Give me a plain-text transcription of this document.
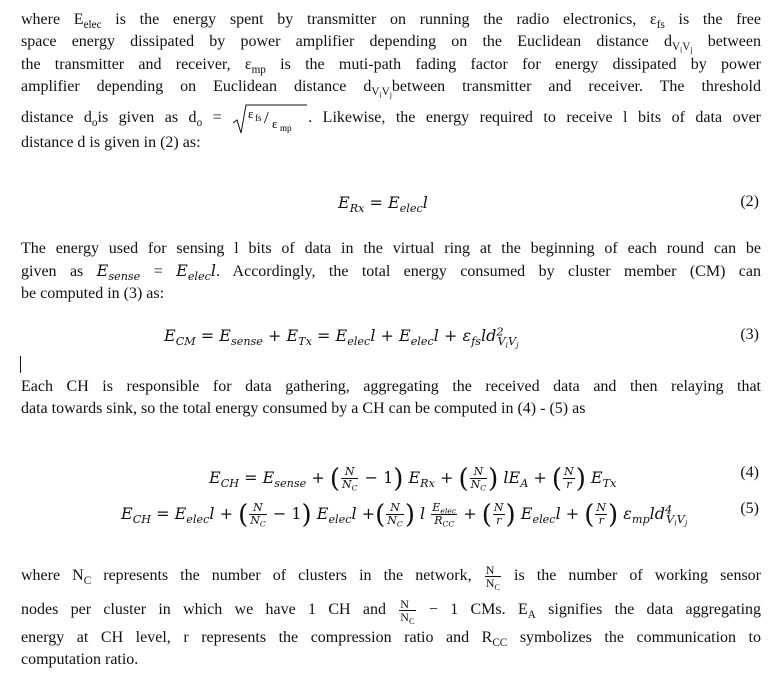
where $E_{elec}$ is the energy spent by transmitter on running the radio electronics, $\varepsilon_{fs}$ is the free
space energy dissipated by power amplifier depending on the Euclidean distance $d_{V_iV_j}$ between
the transmitter and receiver, $\varepsilon_{mp}$ is the muti-path fading factor for energy dissipated by power
amplifier depending on Euclidean distance $d_{V_iV_j}between$ transmitter and receiver. The threshold
distance $d_ois$ given as $d_o = \varepsilon$ fs / ε mp
. Likewise, the energy required to receive l bits of data over
distance d is given in (2) as:
$E_{Rx} = E_{elec}l$	(2)
The energy used for sensing l bits of data in the virtual ring at the beginning of each round can be
given as $E_{sense} = E_{elec}l$. Accordingly, the total energy consumed by cluster member (CM) can
be computed in (3) as:
$E_{CM} = E_{sense} + E_{Tx} = E_{elec}l + E_{elec}l + \varepsilon_{fs}ld^2_{V_iV_j}$
(3)
Each CH is responsible for data gathering, aggregating the received data and then relaying that
data towards sink, so the total energy consumed by a CH can be computed in (4) - (5) as
$E_{CH} = E_{sense}$ + ( $\frac{N}{N_C} - 1$) $E_{Rx}$ + ( $\frac{N}{N_C}$ ) $lE_A$ + ( $\frac{N}{r}$ ) $E_{Tx}$
(4)
$E_{CH} = E_{elec}l$ + ( $\frac{N}{N_C} - 1$) $E_{elec}l$ +( $\frac{N}{N_C}$ ) l $\frac{E_{elec}}{R_{CC}}$ + ( $\frac{N}{r}$ ) $E_{elec}l$ + ( $\frac{N}{r}$ ) $\varepsilon_{mp}ld^4_{V_iV_j}$
(5)
where $N_C$ represents the number of clusters in the network, $\frac{N}{N_C}$ is the number of working sensor
nodes per cluster in which we have 1 CH and $\frac{N}{N_C} - 1$ CMs. $E_A$ signifies the data aggregating
energy at CH level, r represents the compression ratio and $R_{CC}$ symbolizes the communication to
computation ratio.
